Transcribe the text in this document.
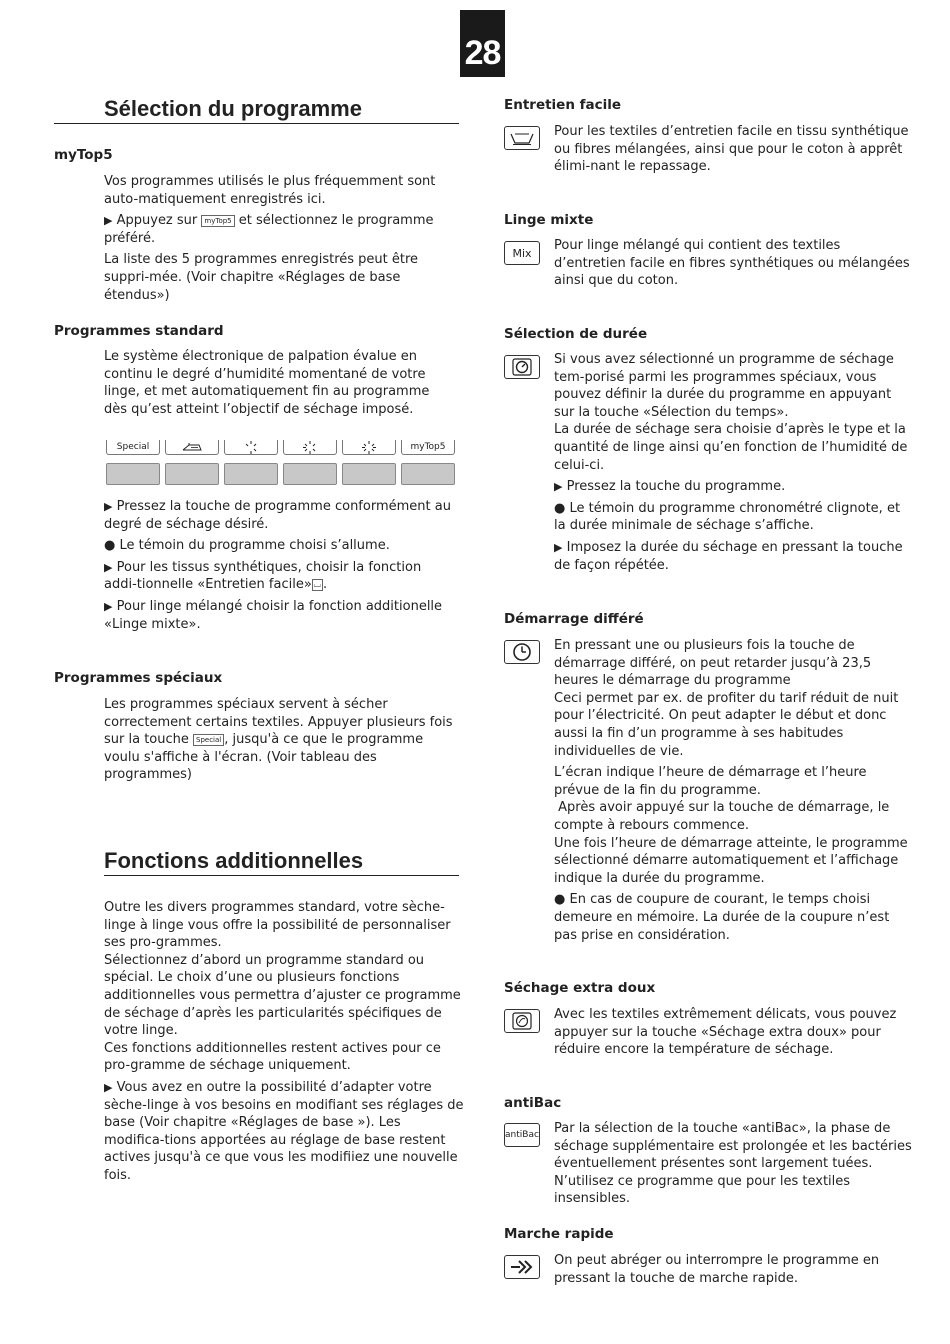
28
Sélection du programme
myTop5

Vos programmes utilisés le plus fréquemment sont auto-matiquement enregistrés ici.

▶ Appuyez sur myTop5 et sélectionnez le programme préféré.

La liste des 5 programmes enregistrés peut être suppri-mée. (Voir chapitre «Réglages de base étendus»)

Programmes standard
Le système électronique de palpation évalue en continu le degré d’humidité momentané de votre linge, et met automatiquement fin au programme dès qu’est atteint l’objectif de séchage imposé.
Special	myTop5

▶ Pressez la touche de programme conformément au degré de séchage désiré.

● Le témoin du programme choisi s’allume.

▶ Pour les tissus synthétiques, choisir la fonction addi-tionnelle «Entretien facile» ⌴ .

▶ Pour linge mélangé choisir la fonction additionelle «Linge mixte».

Programmes spéciaux
Les programmes spéciaux servent à sécher correctement certains textiles. Appuyer plusieurs fois sur la touche Special , jusqu'à ce que le programme voulu s'affiche à l'écran. (Voir tableau des programmes)
Fonctions additionnelles

Outre les divers programmes standard, votre sèche-linge à linge vous offre la possibilité de personnaliser ses pro-grammes.

Sélectionnez d’abord un programme standard ou spécial. Le choix d’une ou plusieurs fonctions additionnelles vous permettra d’ajuster ce programme de séchage d’après les particularités spécifiques de votre linge.

Ces fonctions additionnelles restent actives pour ce pro-gramme de séchage uniquement.

▶ Vous avez en outre la possibilité d’adapter votre sèche-linge à vos besoins en modifiant ses réglages de base (Voir chapitre «Réglages de base »). Les modifica-tions apportées au réglage de base restent actives jusqu'à ce que vous les modifiiez une nouvelle fois.

Entretien facile
Pour les textiles d’entretien facile en tissu synthétique ou fibres mélangées, ainsi que pour le coton à apprêt élimi-nant le repassage.
Linge mixte
Mix	Pour linge mélangé qui contient des textiles d’entretien facile en fibres synthétiques ou mélangées ainsi que du coton.
Sélection de durée

Si vous avez sélectionné un programme de séchage tem-porisé parmi les programmes spéciaux, vous pouvez définir la durée du programme en appuyant sur la touche «Sélection du temps».

La durée de séchage sera choisie d’après le type et la quantité de linge ainsi qu’en fonction de l’humidité de celui-ci.

▶ Pressez la touche du programme.

● Le témoin du programme chronométré clignote, et la durée minimale de séchage s’affiche.

▶ Imposez la durée du séchage en pressant la touche de façon répétée.

Démarrage différé

En pressant une ou plusieurs fois la touche de démarrage différé, on peut retarder jusqu’à 23,5 heures le démarrage du programme

Ceci permet par ex. de profiter du tarif réduit de nuit pour l’électricité. On peut adapter le début et donc aussi la fin d’un programme à ses habitudes individuelles de vie.

L’écran indique l’heure de démarrage et l’heure prévue de la fin du programme.

Après avoir appuyé sur la touche de démarrage, le compte à rebours commence.

Une fois l’heure de démarrage atteinte, le programme sélectionné démarre automatiquement et l’affichage indique la durée du programme.

● En cas de coupure de courant, le temps choisi demeure en mémoire. La durée de la coupure n’est pas prise en considération.

Séchage extra doux
Avec les textiles extrêmement délicats, vous pouvez appuyer sur la touche «Séchage extra doux» pour réduire encore la température de séchage.
antiBac
antiBac Par la sélection de la touche «antiBac», la phase de séchage supplémentaire est prolongée et les bactéries éventuellement présentes sont largement tuées. N’utilisez ce programme que pour les textiles insensibles.
Marche rapide
On peut abréger ou interrompre le programme en pressant la touche de marche rapide.
